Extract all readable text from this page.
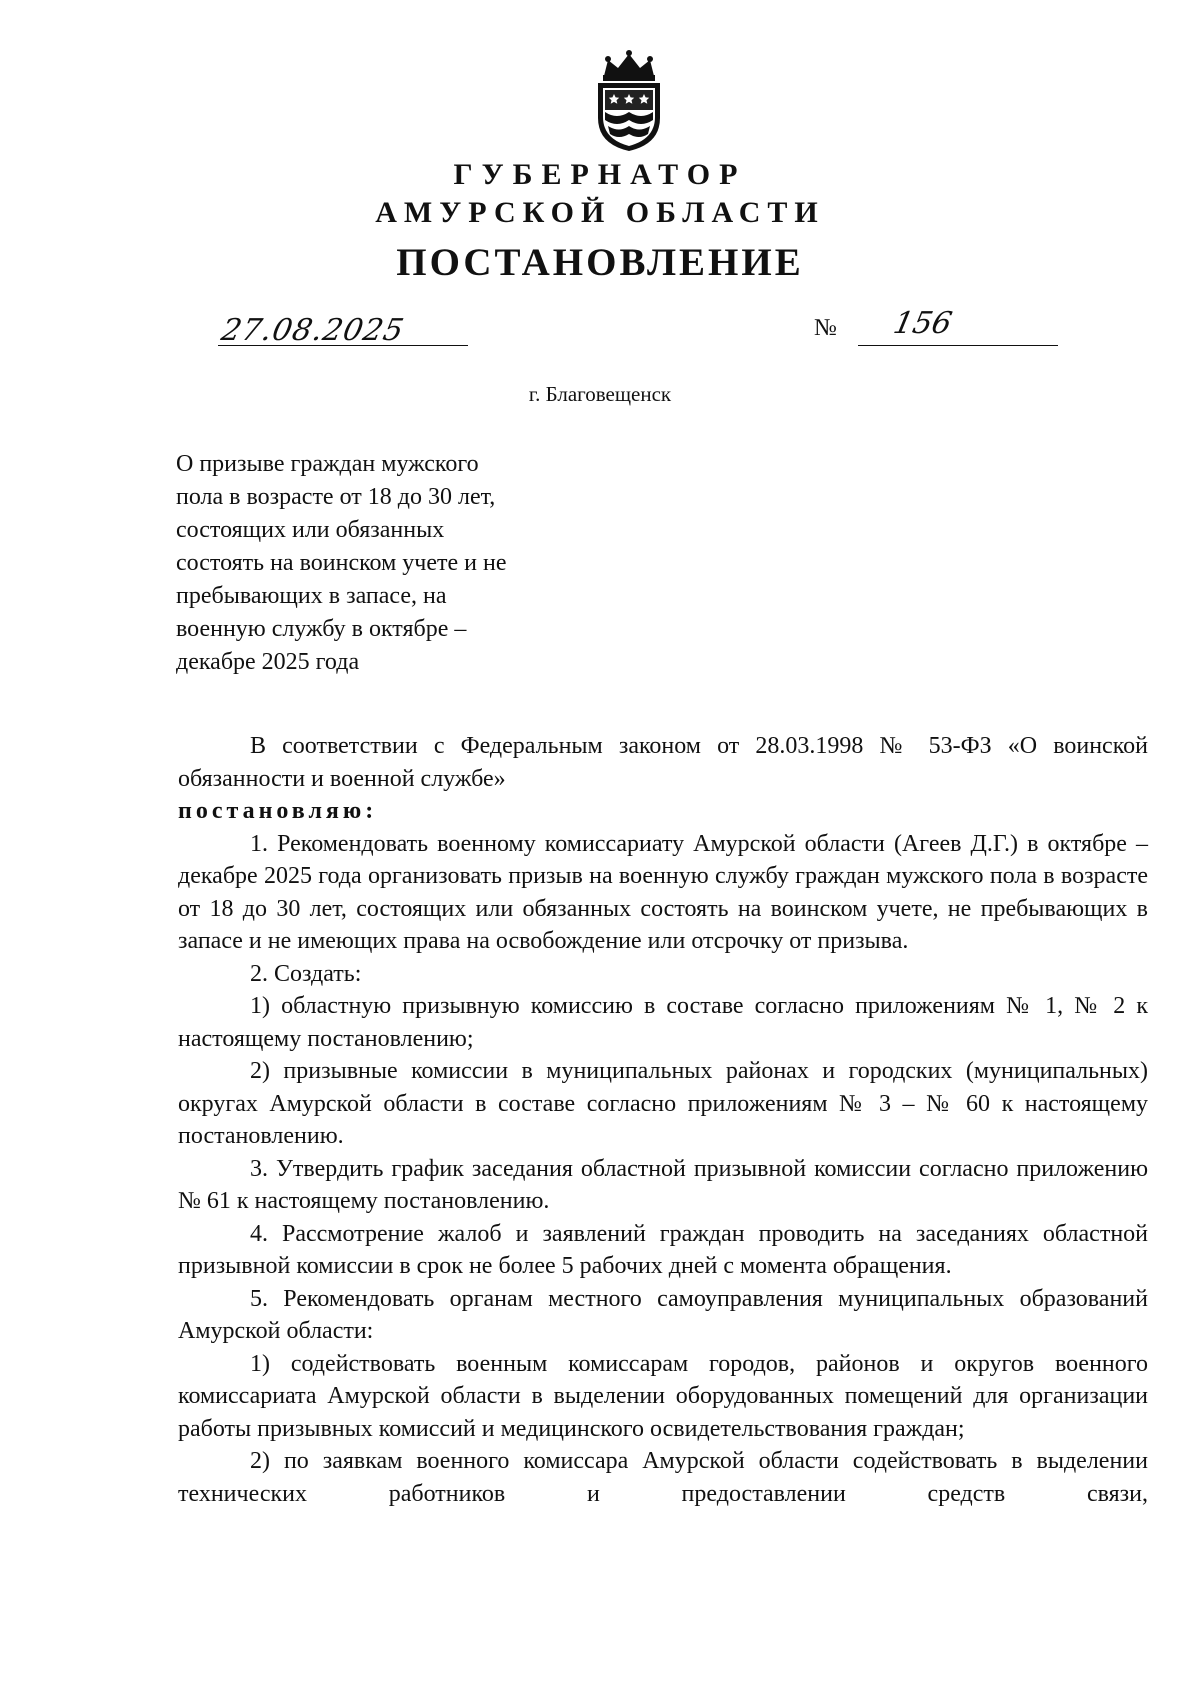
ГУБЕРНАТОР
АМУРСКОЙ ОБЛАСТИ
ПОСТАНОВЛЕНИЕ
27.08.2025	№ 156
г. Благовещенск
О призыве граждан мужского
пола в возрасте от 18 до 30 лет,
состоящих или обязанных
состоять на воинском учете и не
пребывающих в запасе, на
военную службу в октябре –
декабре 2025 года

В соответствии с Федеральным законом от 28.03.1998 № 53-ФЗ «О воинской обязанности и военной службе»

постановляю:

1. Рекомендовать военному комиссариату Амурской области (Агеев Д.Г.) в октябре – декабре 2025 года организовать призыв на военную службу граждан мужского пола в возрасте от 18 до 30 лет, состоящих или обязанных состоять на воинском учете, не пребывающих в запасе и не имеющих права на освобождение или отсрочку от призыва.

2. Создать:

1) областную призывную комиссию в составе согласно приложениям № 1, № 2 к настоящему постановлению;

2) призывные комиссии в муниципальных районах и городских (муниципальных) округах Амурской области в составе согласно приложениям № 3 – № 60 к настоящему постановлению.

3. Утвердить график заседания областной призывной комиссии согласно приложению № 61 к настоящему постановлению.

4. Рассмотрение жалоб и заявлений граждан проводить на заседаниях областной призывной комиссии в срок не более 5 рабочих дней с момента обращения.

5. Рекомендовать органам местного самоуправления муниципальных образований Амурской области:

1) содействовать военным комиссарам городов, районов и округов военного комиссариата Амурской области в выделении оборудованных помещений для организации работы призывных комиссий и медицинского освидетельствования граждан;

2) по заявкам военного комиссара Амурской области содействовать в выделении технических работников и предоставлении средств связи,
